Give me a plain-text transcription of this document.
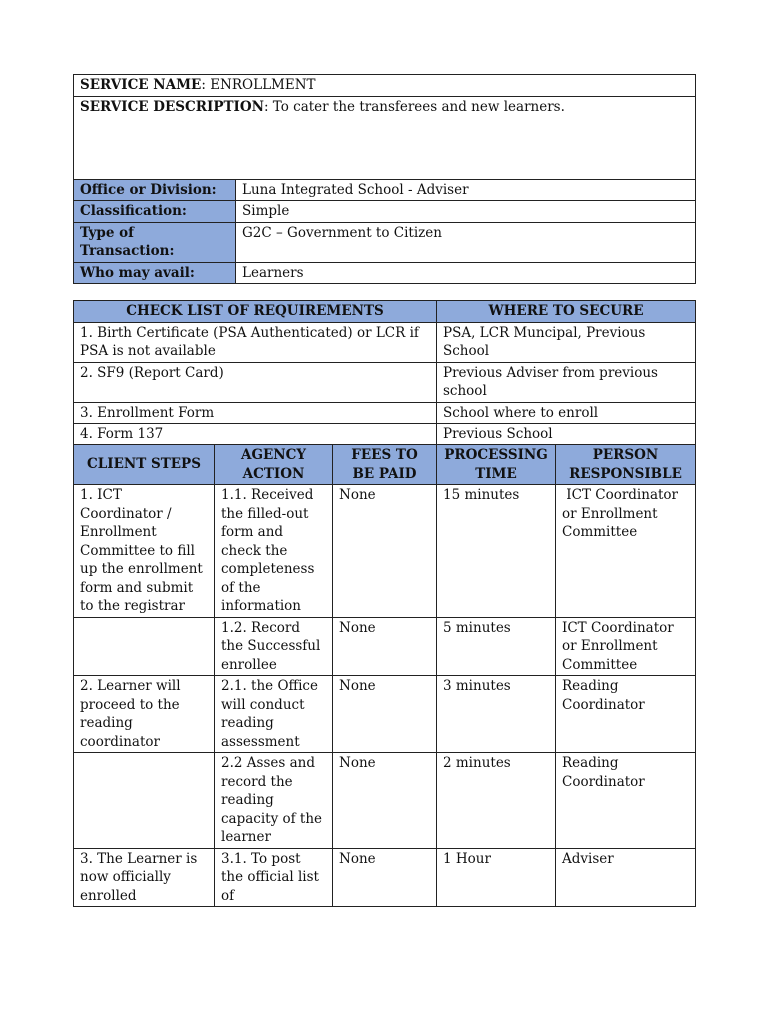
SERVICE NAME: ENROLLMENT	
SERVICE DESCRIPTION: To cater the transferees and new learners.	
Office or Division:	Luna Integrated School - Adviser
Classification:	Simple
Type of Transaction:	G2C – Government to Citizen
Who may avail:	Learners
CHECK LIST OF REQUIREMENTS	WHERE TO SECURE
1. Birth Certificate (PSA Authenticated) or LCR if PSA is not available	PSA, LCR Muncipal, Previous School
2. SF9 (Report Card)	Previous Adviser from previous school
3. Enrollment Form	School where to enroll
4. Form 137	Previous School
CLIENT STEPS	AGENCY ACTION	FEES TO BE PAID	PROCESSING TIME	PERSON RESPONSIBLE
1. ICT Coordinator / Enrollment Committee to fill up the enrollment form and submit to the registrar	1.1. Received the filled-out form and check the completeness of the information	None	15 minutes	ICT Coordinator or Enrollment Committee
	1.2. Record the Successful enrollee	None	5 minutes	ICT Coordinator or Enrollment Committee
2. Learner will proceed to the reading coordinator	2.1. the Office will conduct reading assessment	None	3 minutes	Reading Coordinator
	2.2 Asses and record the reading capacity of the learner	None	2 minutes	Reading Coordinator
3. The Learner is now officially enrolled	3.1. To post the official list of	None	1 Hour	Adviser
